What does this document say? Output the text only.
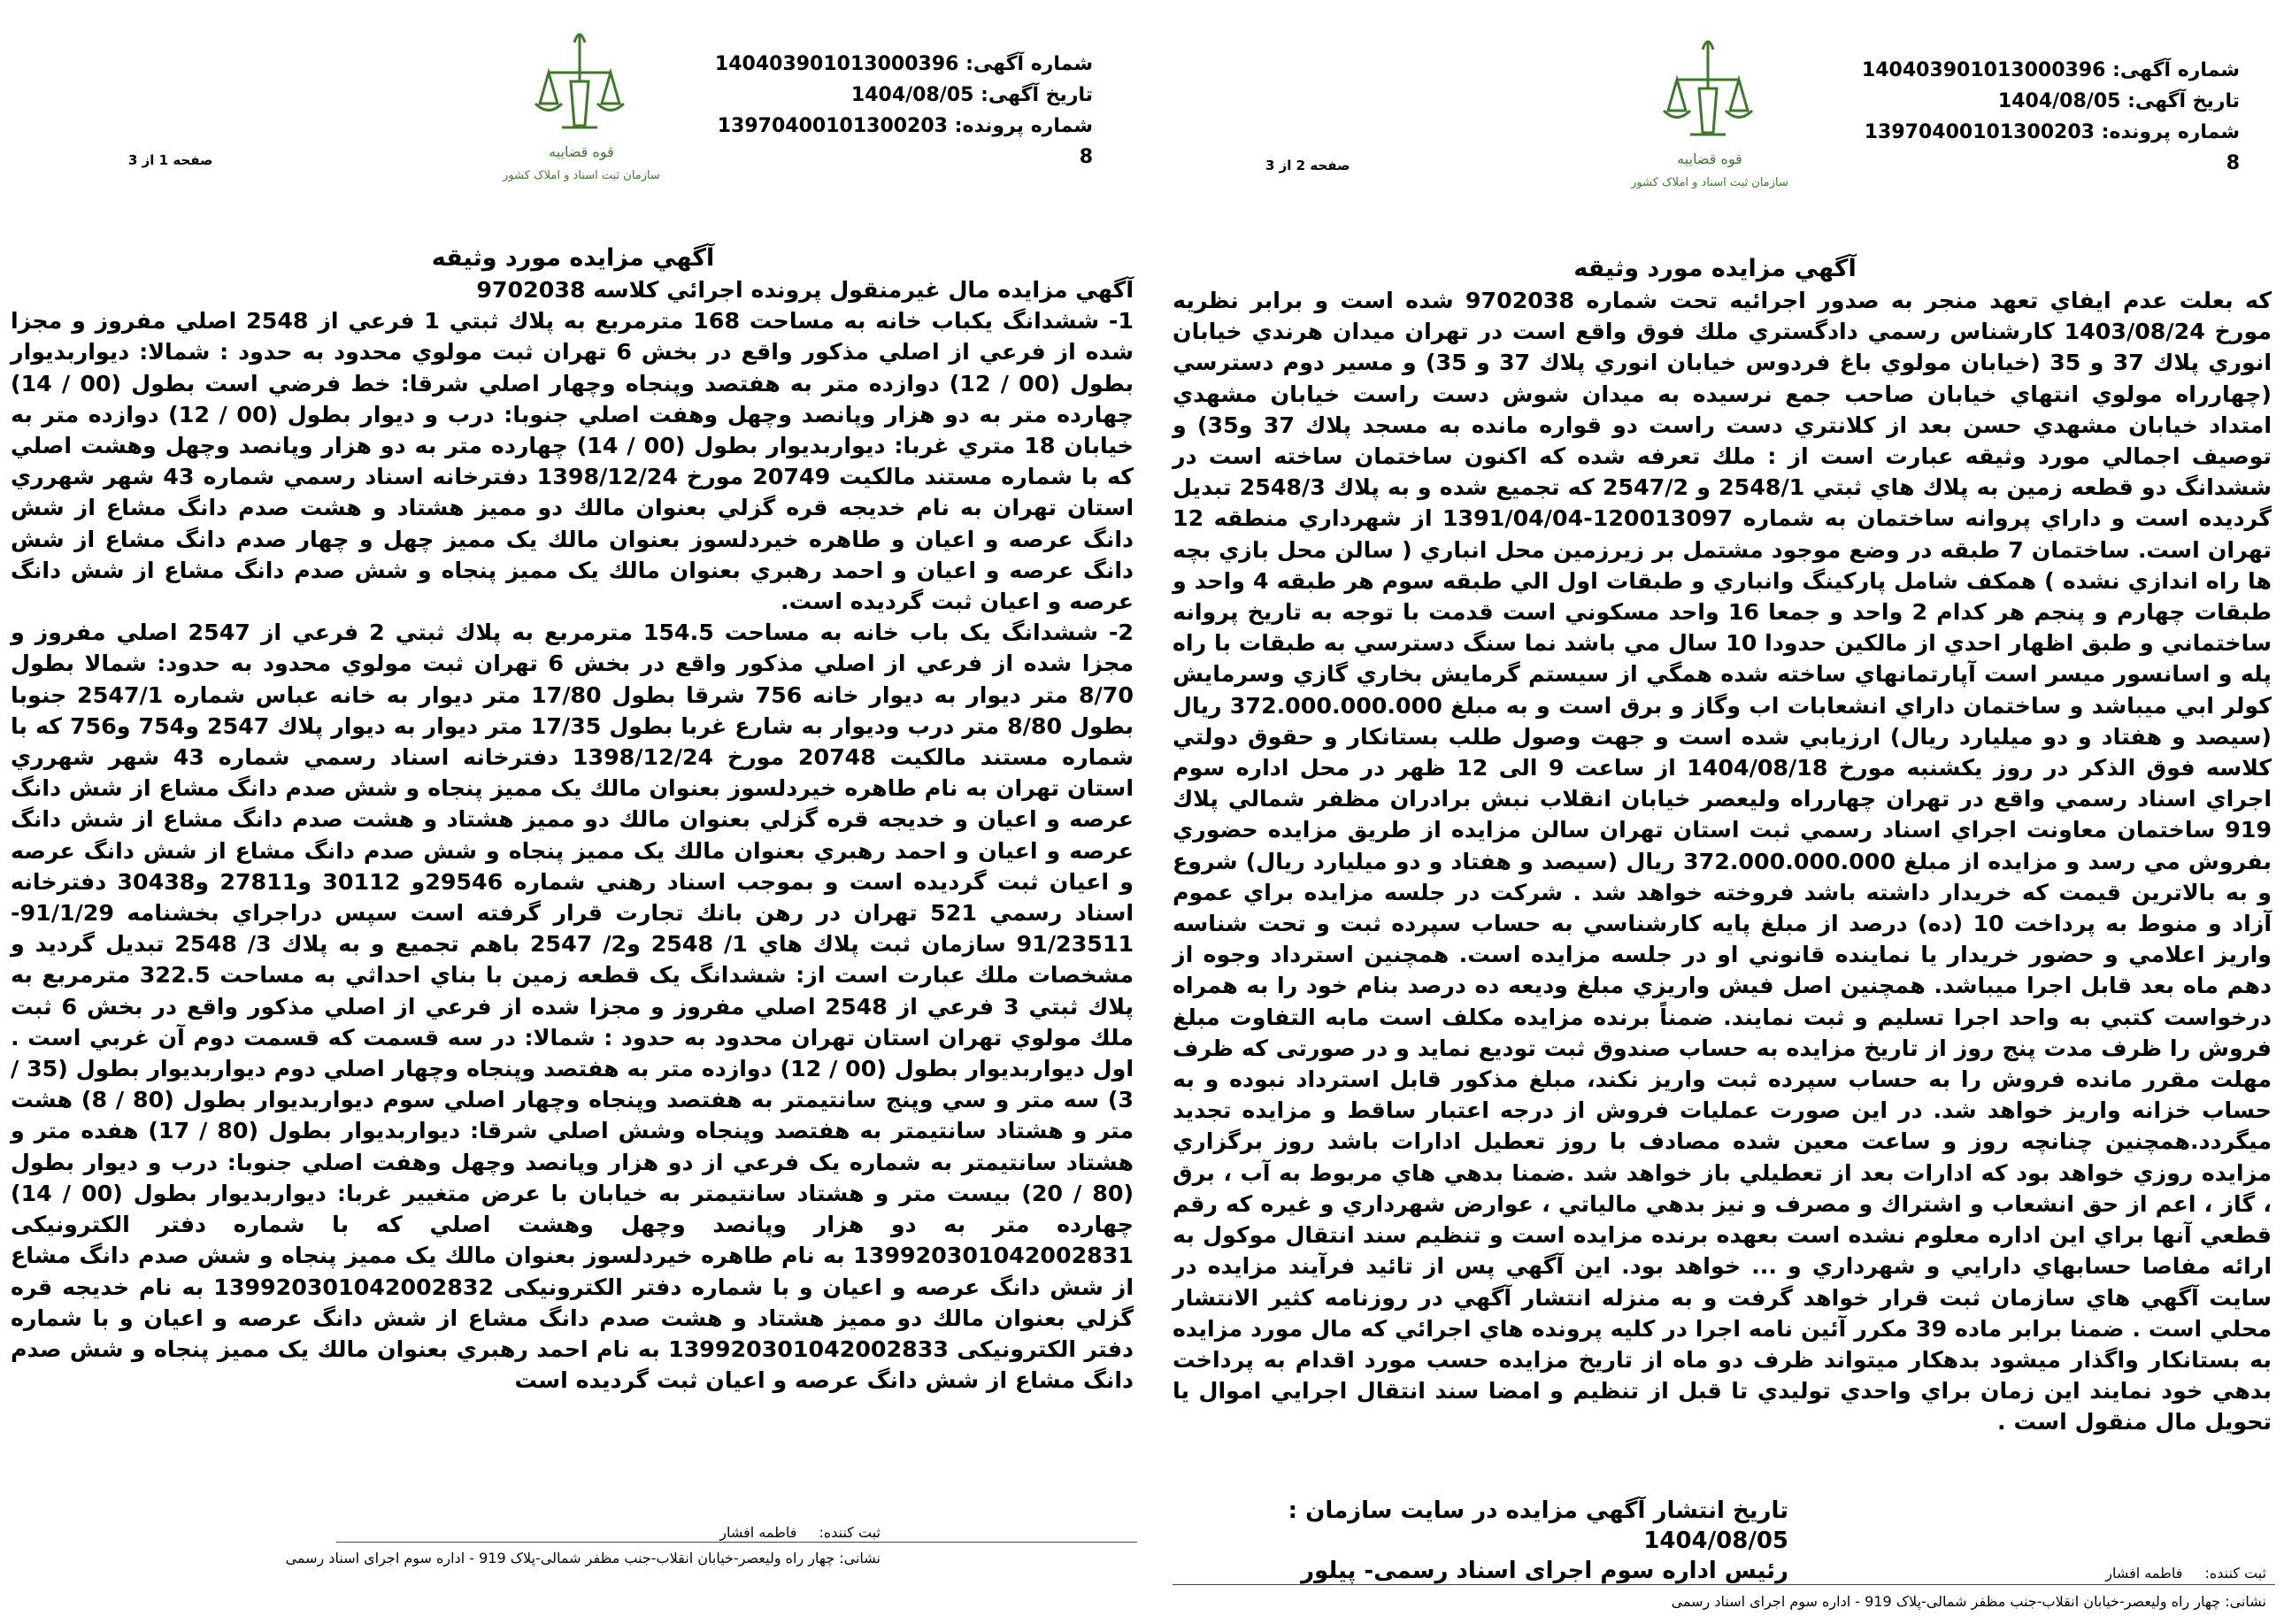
شماره آگهی: 140403901013000396
تاریخ آگهی: 1404/08/05
شماره پرونده: 13970400101300203 8
قوه قضاییه
سازمان ثبت اسناد و املاک کشور
صفحه 1 از 3
آگهي مزايده مورد وثيقه

آگهي مزايده مال غيرمنقول پرونده اجرائي كلاسه 9702038
1- ششدانگ يكباب خانه به مساحت 168 مترمربع به پلاك ثبتي 1 فرعي از 2548 اصلي مفروز و مجزا شده از فرعي از اصلي مذكور واقع در بخش 6 تهران ثبت مولوي محدود به حدود : شمالا: ديواربديوار بطول (00 / 12) دوازده متر به هفتصد وپنجاه وچهار اصلي شرقا: خط فرضي است بطول (00 / 14) چهارده متر به دو هزار وپانصد وچهل وهفت اصلي جنوبا: درب و ديوار بطول (00 / 12) دوازده متر به خيابان 18 متري غربا: ديواربديوار بطول (00 / 14) چهارده متر به دو هزار وپانصد وچهل وهشت اصلي كه با شماره مستند مالكيت 20749 مورخ 1398/12/24 دفترخانه اسناد رسمي شماره 43 شهر شهرري استان تهران به نام خديجه قره گزلي بعنوان مالك دو مميز هشتاد و هشت صدم دانگ مشاع از شش دانگ عرصه و اعيان و طاهره خيردلسوز بعنوان مالك يک مميز چهل و چهار صدم دانگ مشاع از شش دانگ عرصه و اعيان و احمد رهبري بعنوان مالك يک مميز پنجاه و شش صدم دانگ مشاع از شش دانگ عرصه و اعيان ثبت گرديده است.
2- ششدانگ يک باب خانه به مساحت 154.5 مترمربع به پلاك ثبتي 2 فرعي از 2547 اصلي مفروز و مجزا شده از فرعي از اصلي مذكور واقع در بخش 6 تهران ثبت مولوي محدود به حدود: شمالا بطول 8/70 متر ديوار به ديوار خانه 756 شرقا بطول 17/80 متر ديوار به خانه عباس شماره 2547/1 جنوبا بطول 8/80 متر درب وديوار به شارع غربا بطول 17/35 متر ديوار به ديوار پلاك 2547 و754 و756 كه با شماره مستند مالكيت 20748 مورخ 1398/12/24 دفترخانه اسناد رسمي شماره 43 شهر شهرري استان تهران به نام طاهره خيردلسوز بعنوان مالك يک مميز پنجاه و شش صدم دانگ مشاع از شش دانگ عرصه و اعيان و خديجه قره گزلي بعنوان مالك دو مميز هشتاد و هشت صدم دانگ مشاع از شش دانگ عرصه و اعيان و احمد رهبري بعنوان مالك يک مميز پنجاه و شش صدم دانگ مشاع از شش دانگ عرصه و اعيان ثبت گرديده است و بموجب اسناد رهني شماره 29546و 30112 و27811 و30438 دفترخانه اسناد رسمي 521 تهران در رهن بانك تجارت قرار گرفته است سپس دراجراي بخشنامه 91/1/29-91/23511 سازمان ثبت پلاك هاي 1/ 2548 و2/ 2547 باهم تجميع و به پلاك 3/ 2548 تبديل گرديد و مشخصات ملك عبارت است از: ششدانگ يک قطعه زمين با بناي احداثي به مساحت 322.5 مترمربع به پلاك ثبتي 3 فرعي از 2548 اصلي مفروز و مجزا شده از فرعي از اصلي مذكور واقع در بخش 6 ثبت ملك مولوي تهران استان تهران محدود به حدود : شمالا: در سه قسمت كه قسمت دوم آن غربي است . اول ديواربديوار بطول (00 / 12) دوازده متر به هفتصد وپنجاه وچهار اصلي دوم ديواربديوار بطول (35 / 3) سه متر و سي وپنج سانتيمتر به هفتصد وپنجاه وچهار اصلي سوم ديواربديوار بطول (80 / 8) هشت متر و هشتاد سانتيمتر به هفتصد وپنجاه وشش اصلي شرقا: ديواربديوار بطول (80 / 17) هفده متر و هشتاد سانتيمتر به شماره يک فرعي از دو هزار وپانصد وچهل وهفت اصلي جنوبا: درب و ديوار بطول (80 / 20) بيست متر و هشتاد سانتيمتر به خيابان با عرض متغيير غربا: ديواربديوار بطول (00 / 14) چهارده متر به دو هزار وپانصد وچهل وهشت اصلي كه با شماره دفتر الكترونيكی 139920301042002831 به نام طاهره خيردلسوز بعنوان مالك يک مميز پنجاه و شش صدم دانگ مشاع از شش دانگ عرصه و اعيان و با شماره دفتر الكترونيكی 139920301042002832 به نام خديجه قره گزلي بعنوان مالك دو مميز هشتاد و هشت صدم دانگ مشاع از شش دانگ عرصه و اعيان و با شماره دفتر الكترونيكی 139920301042002833 به نام احمد رهبري بعنوان مالك يک مميز پنجاه و شش صدم دانگ مشاع از شش دانگ عرصه و اعيان ثبت گرديده است

ثبت کننده: فاطمه افشار
نشانی: چهار راه وليعصر-خيابان انقلاب-جنب مظفر شمالی-پلاک 919 - اداره سوم اجرای اسناد رسمی
شماره آگهی: 140403901013000396
تاریخ آگهی: 1404/08/05
شماره پرونده: 13970400101300203 8
قوه قضاییه
سازمان ثبت اسناد و املاک کشور
صفحه 2 از 3
آگهي مزايده مورد وثيقه

كه بعلت عدم ايفاي تعهد منجر به صدور اجرائيه تحت شماره 9702038 شده است و برابر نظريه مورخ 1403/08/24 كارشناس رسمي دادگستري ملك فوق واقع است در تهران ميدان هرندي خيابان انوري پلاك 37 و 35 (خيابان مولوي باغ فردوس خيابان انوري پلاك 37 و 35) و مسير دوم دسترسي (چهارراه مولوي انتهاي خيابان صاحب جمع نرسيده به ميدان شوش دست راست خيابان مشهدي امتداد خيابان مشهدي حسن بعد از كلانتري دست راست دو قواره مانده به مسجد پلاك 37 و35) و توصيف اجمالي مورد وثيقه عبارت است از : ملك تعرفه شده كه اكنون ساختمان ساخته است در ششدانگ دو قطعه زمين به پلاك هاي ثبتي 2548/1 و 2547/2 كه تجميع شده و به پلاك 2548/3 تبديل گرديده است و داراي پروانه ساختمان به شماره 120013097-1391/04/04 از شهرداري منطقه 12 تهران است. ساختمان 7 طبقه در وضع موجود مشتمل بر زيرزمين محل انباري ( سالن محل بازي بچه ها راه اندازي نشده ) همكف شامل پاركينگ وانباري و طبقات اول الي طبقه سوم هر طبقه 4 واحد و طبقات چهارم و پنجم هر كدام 2 واحد و جمعا 16 واحد مسكوني است قدمت با توجه به تاريخ پروانه ساختماني و طبق اظهار احدي از مالكين حدودا 10 سال مي باشد نما سنگ دسترسي به طبقات با راه پله و اسانسور ميسر است آپارتمانهاي ساخته شده همگي از سيستم گرمايش بخاري گازي وسرمايش كولر ابي ميباشد و ساختمان داراي انشعابات اب وگاز و برق است و به مبلغ 372.000.000.000 ريال (سيصد و هفتاد و دو ميليارد ريال) ارزيابي شده است و جهت وصول طلب بستانكار و حقوق دولتي كلاسه فوق الذكر در روز يكشنبه مورخ 1404/08/18 از ساعت 9 الی 12 ظهر در محل اداره سوم اجراي اسناد رسمي واقع در تهران چهارراه وليعصر خيابان انقلاب نبش برادران مظفر شمالي پلاك 919 ساختمان معاونت اجراي اسناد رسمي ثبت استان تهران سالن مزايده از طريق مزايده حضوري بفروش مي رسد و مزايده از مبلغ 372.000.000.000 ريال (سيصد و هفتاد و دو ميليارد ريال) شروع و به بالاترين قيمت كه خريدار داشته باشد فروخته خواهد شد . شركت در جلسه مزايده براي عموم آزاد و منوط به پرداخت 10 (ده) درصد از مبلغ پايه كارشناسي به حساب سپرده ثبت و تحت شناسه واريز اعلامي و حضور خريدار يا نماينده قانوني او در جلسه مزايده است. همچنين استرداد وجوه از دهم ماه بعد قابل اجرا ميباشد. همچنين اصل فيش واريزي مبلغ وديعه ده درصد بنام خود را به همراه درخواست كتبي به واحد اجرا تسليم و ثبت نمايند. ضمناً برنده مزايده مكلف است مابه التفاوت مبلغ فروش را ظرف مدت پنج روز از تاريخ مزايده به حساب صندوق ثبت توديع نمايد و در صورتی كه ظرف مهلت مقرر مانده فروش را به حساب سپرده ثبت واريز نكند، مبلغ مذكور قابل استرداد نبوده و به حساب خزانه واريز خواهد شد. در اين صورت عمليات فروش از درجه اعتبار ساقط و مزايده تجديد ميگردد.همچنين چنانچه روز و ساعت معين شده مصادف با روز تعطيل ادارات باشد روز برگزاري مزايده روزي خواهد بود كه ادارات بعد از تعطيلي باز خواهد شد .ضمنا بدهي هاي مربوط به آب ، برق ، گاز ، اعم از حق انشعاب و اشتراك و مصرف و نيز بدهي مالياتي ، عوارض شهرداري و غيره كه رقم قطعي آنها براي اين اداره معلوم نشده است بعهده برنده مزايده است و تنظيم سند انتقال موكول به ارائه مفاصا حسابهاي دارايي و شهرداري و ... خواهد بود. اين آگهي پس از تائيد فرآيند مزايده در سايت آگهي هاي سازمان ثبت قرار خواهد گرفت و به منزله انتشار آگهي در روزنامه كثير الانتشار محلي است . ضمنا برابر ماده 39 مكرر آئين نامه اجرا در كليه پرونده هاي اجرائي كه مال مورد مزايده به بستانكار واگذار ميشود بدهكار ميتواند ظرف دو ماه از تاريخ مزايده حسب مورد اقدام به پرداخت بدهي خود نمايند اين زمان براي واحدي توليدي تا قبل از تنظيم و امضا سند انتقال اجرايي اموال يا تحويل مال منقول است .

تاريخ انتشار آگهي مزايده در سايت سازمان : 1404/08/05
رئیس اداره سوم اجرای اسناد رسمی- پیلور	ثبت کننده: فاطمه افشار
نشانی: چهار راه وليعصر-خيابان انقلاب-جنب مظفر شمالی-پلاک 919 - اداره سوم اجرای اسناد رسمی
